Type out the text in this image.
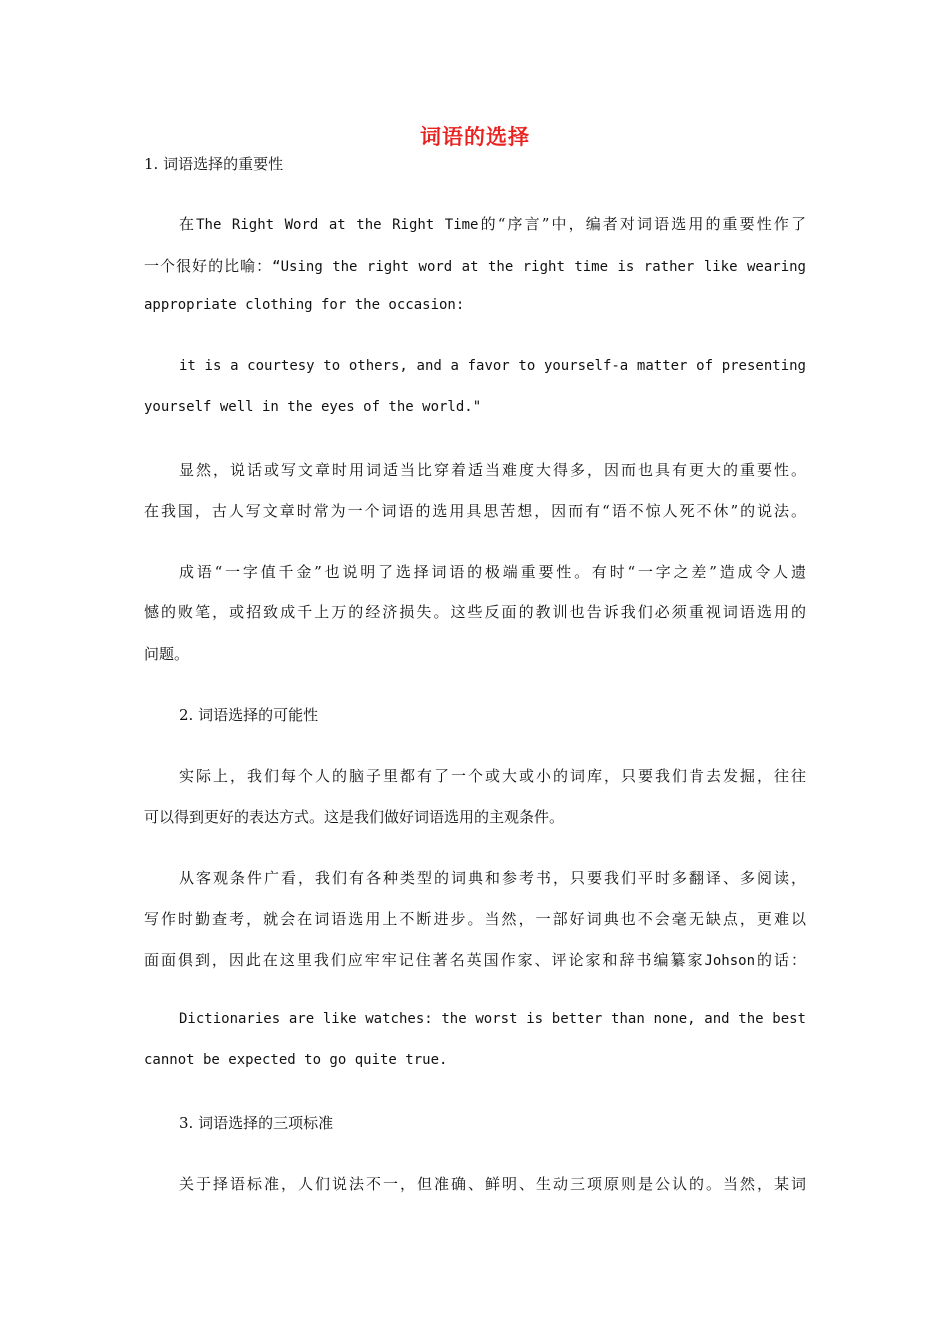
词语的选择
1. 词语选择的重要性
在The Right Word at the Right Time的“序言”中，编者对词语选用的重要性作了
一个很好的比喻：“Using the right word at the right time is rather like wearing
appropriate clothing for the occasion:
it is a courtesy to others, and a favor to yourself-a matter of presenting
yourself well in the eyes of the world."
显然，说话或写文章时用词适当比穿着适当难度大得多，因而也具有更大的重要性。
在我国，古人写文章时常为一个词语的选用具思苦想，因而有“语不惊人死不休”的说法。
成语“一字值千金”也说明了选择词语的极端重要性。有时“一字之差”造成令人遗
憾的败笔，或招致成千上万的经济损失。这些反面的教训也告诉我们必须重视词语选用的
问题。
2. 词语选择的可能性
实际上，我们每个人的脑子里都有了一个或大或小的词库，只要我们肯去发掘，往往
可以得到更好的表达方式。这是我们做好词语选用的主观条件。
从客观条件广看，我们有各种类型的词典和参考书，只要我们平时多翻译、多阅读，
写作时勤查考，就会在词语选用上不断进步。当然，一部好词典也不会毫无缺点，更难以
面面俱到，因此在这里我们应牢牢记住著名英国作家、评论家和辞书编纂家Johson的话：
Dictionaries are like watches: the worst is better than none, and the best
cannot be expected to go quite true.
3. 词语选择的三项标准
关于择语标准，人们说法不一，但准确、鲜明、生动三项原则是公认的。当然，某词
